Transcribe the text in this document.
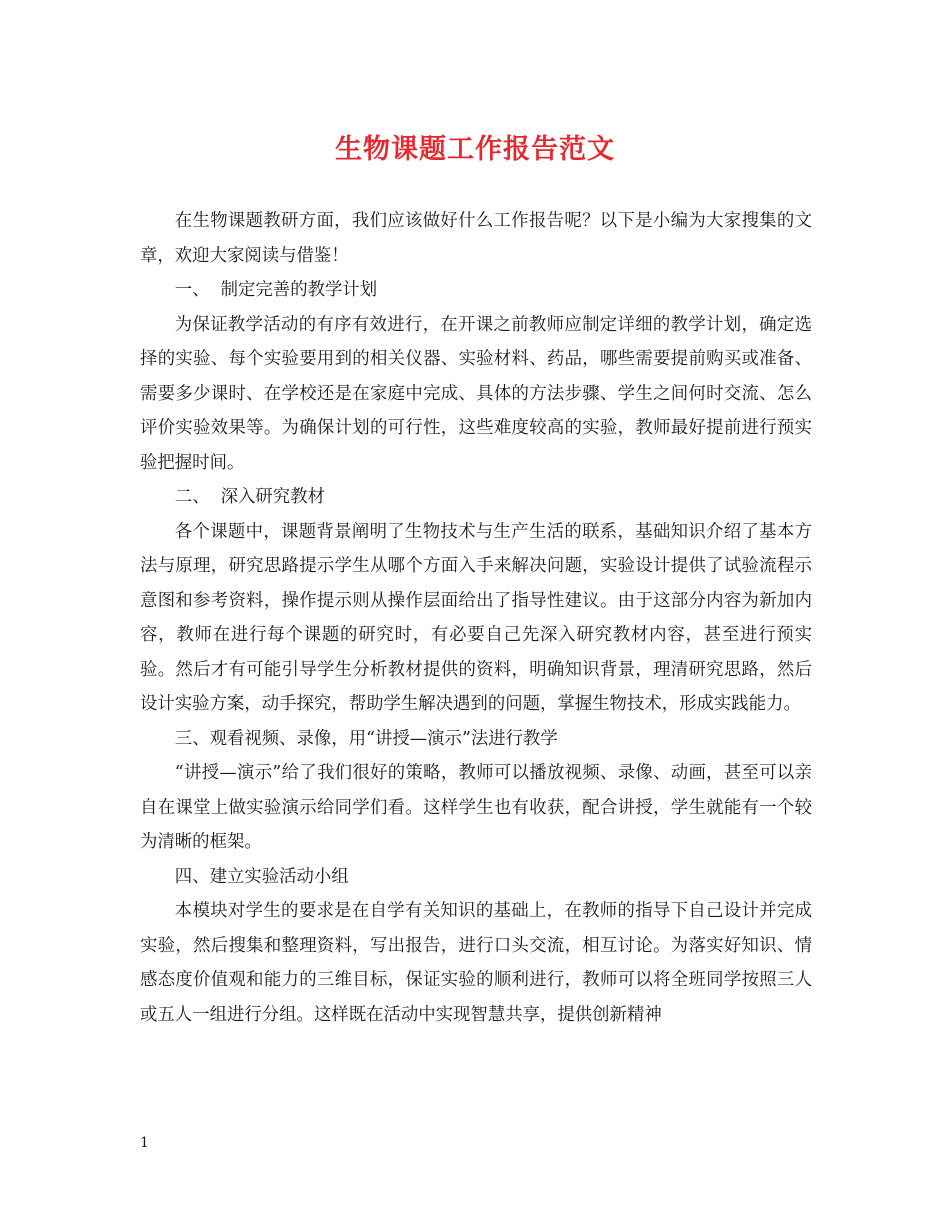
生物课题工作报告范文

在生物课题教研方面，我们应该做好什么工作报告呢？以下是小编为大家搜集的文章，欢迎大家阅读与借鉴！

一、  制定完善的教学计划

为保证教学活动的有序有效进行，在开课之前教师应制定详细的教学计划，确定选择的实验、每个实验要用到的相关仪器、实验材料、药品，哪些需要提前购买或准备、需要多少课时、在学校还是在家庭中完成、具体的方法步骤、学生之间何时交流、怎么评价实验效果等。为确保计划的可行性，这些难度较高的实验，教师最好提前进行预实验把握时间。

二、  深入研究教材

各个课题中，课题背景阐明了生物技术与生产生活的联系，基础知识介绍了基本方法与原理，研究思路提示学生从哪个方面入手来解决问题，实验设计提供了试验流程示意图和参考资料，操作提示则从操作层面给出了指导性建议。由于这部分内容为新加内容，教师在进行每个课题的研究时，有必要自己先深入研究教材内容，甚至进行预实验。然后才有可能引导学生分析教材提供的资料，明确知识背景，理清研究思路，然后设计实验方案，动手探究，帮助学生解决遇到的问题，掌握生物技术，形成实践能力。

三、观看视频、录像，用“讲授—演示”法进行教学

“讲授—演示”给了我们很好的策略，教师可以播放视频、录像、动画，甚至可以亲自在课堂上做实验演示给同学们看。这样学生也有收获，配合讲授，学生就能有一个较为清晰的框架。

四、建立实验活动小组

本模块对学生的要求是在自学有关知识的基础上，在教师的指导下自己设计并完成实验，然后搜集和整理资料，写出报告，进行口头交流，相互讨论。为落实好知识、情感态度价值观和能力的三维目标，保证实验的顺利进行，教师可以将全班同学按照三人或五人一组进行分组。这样既在活动中实现智慧共享，提供创新精神

1
